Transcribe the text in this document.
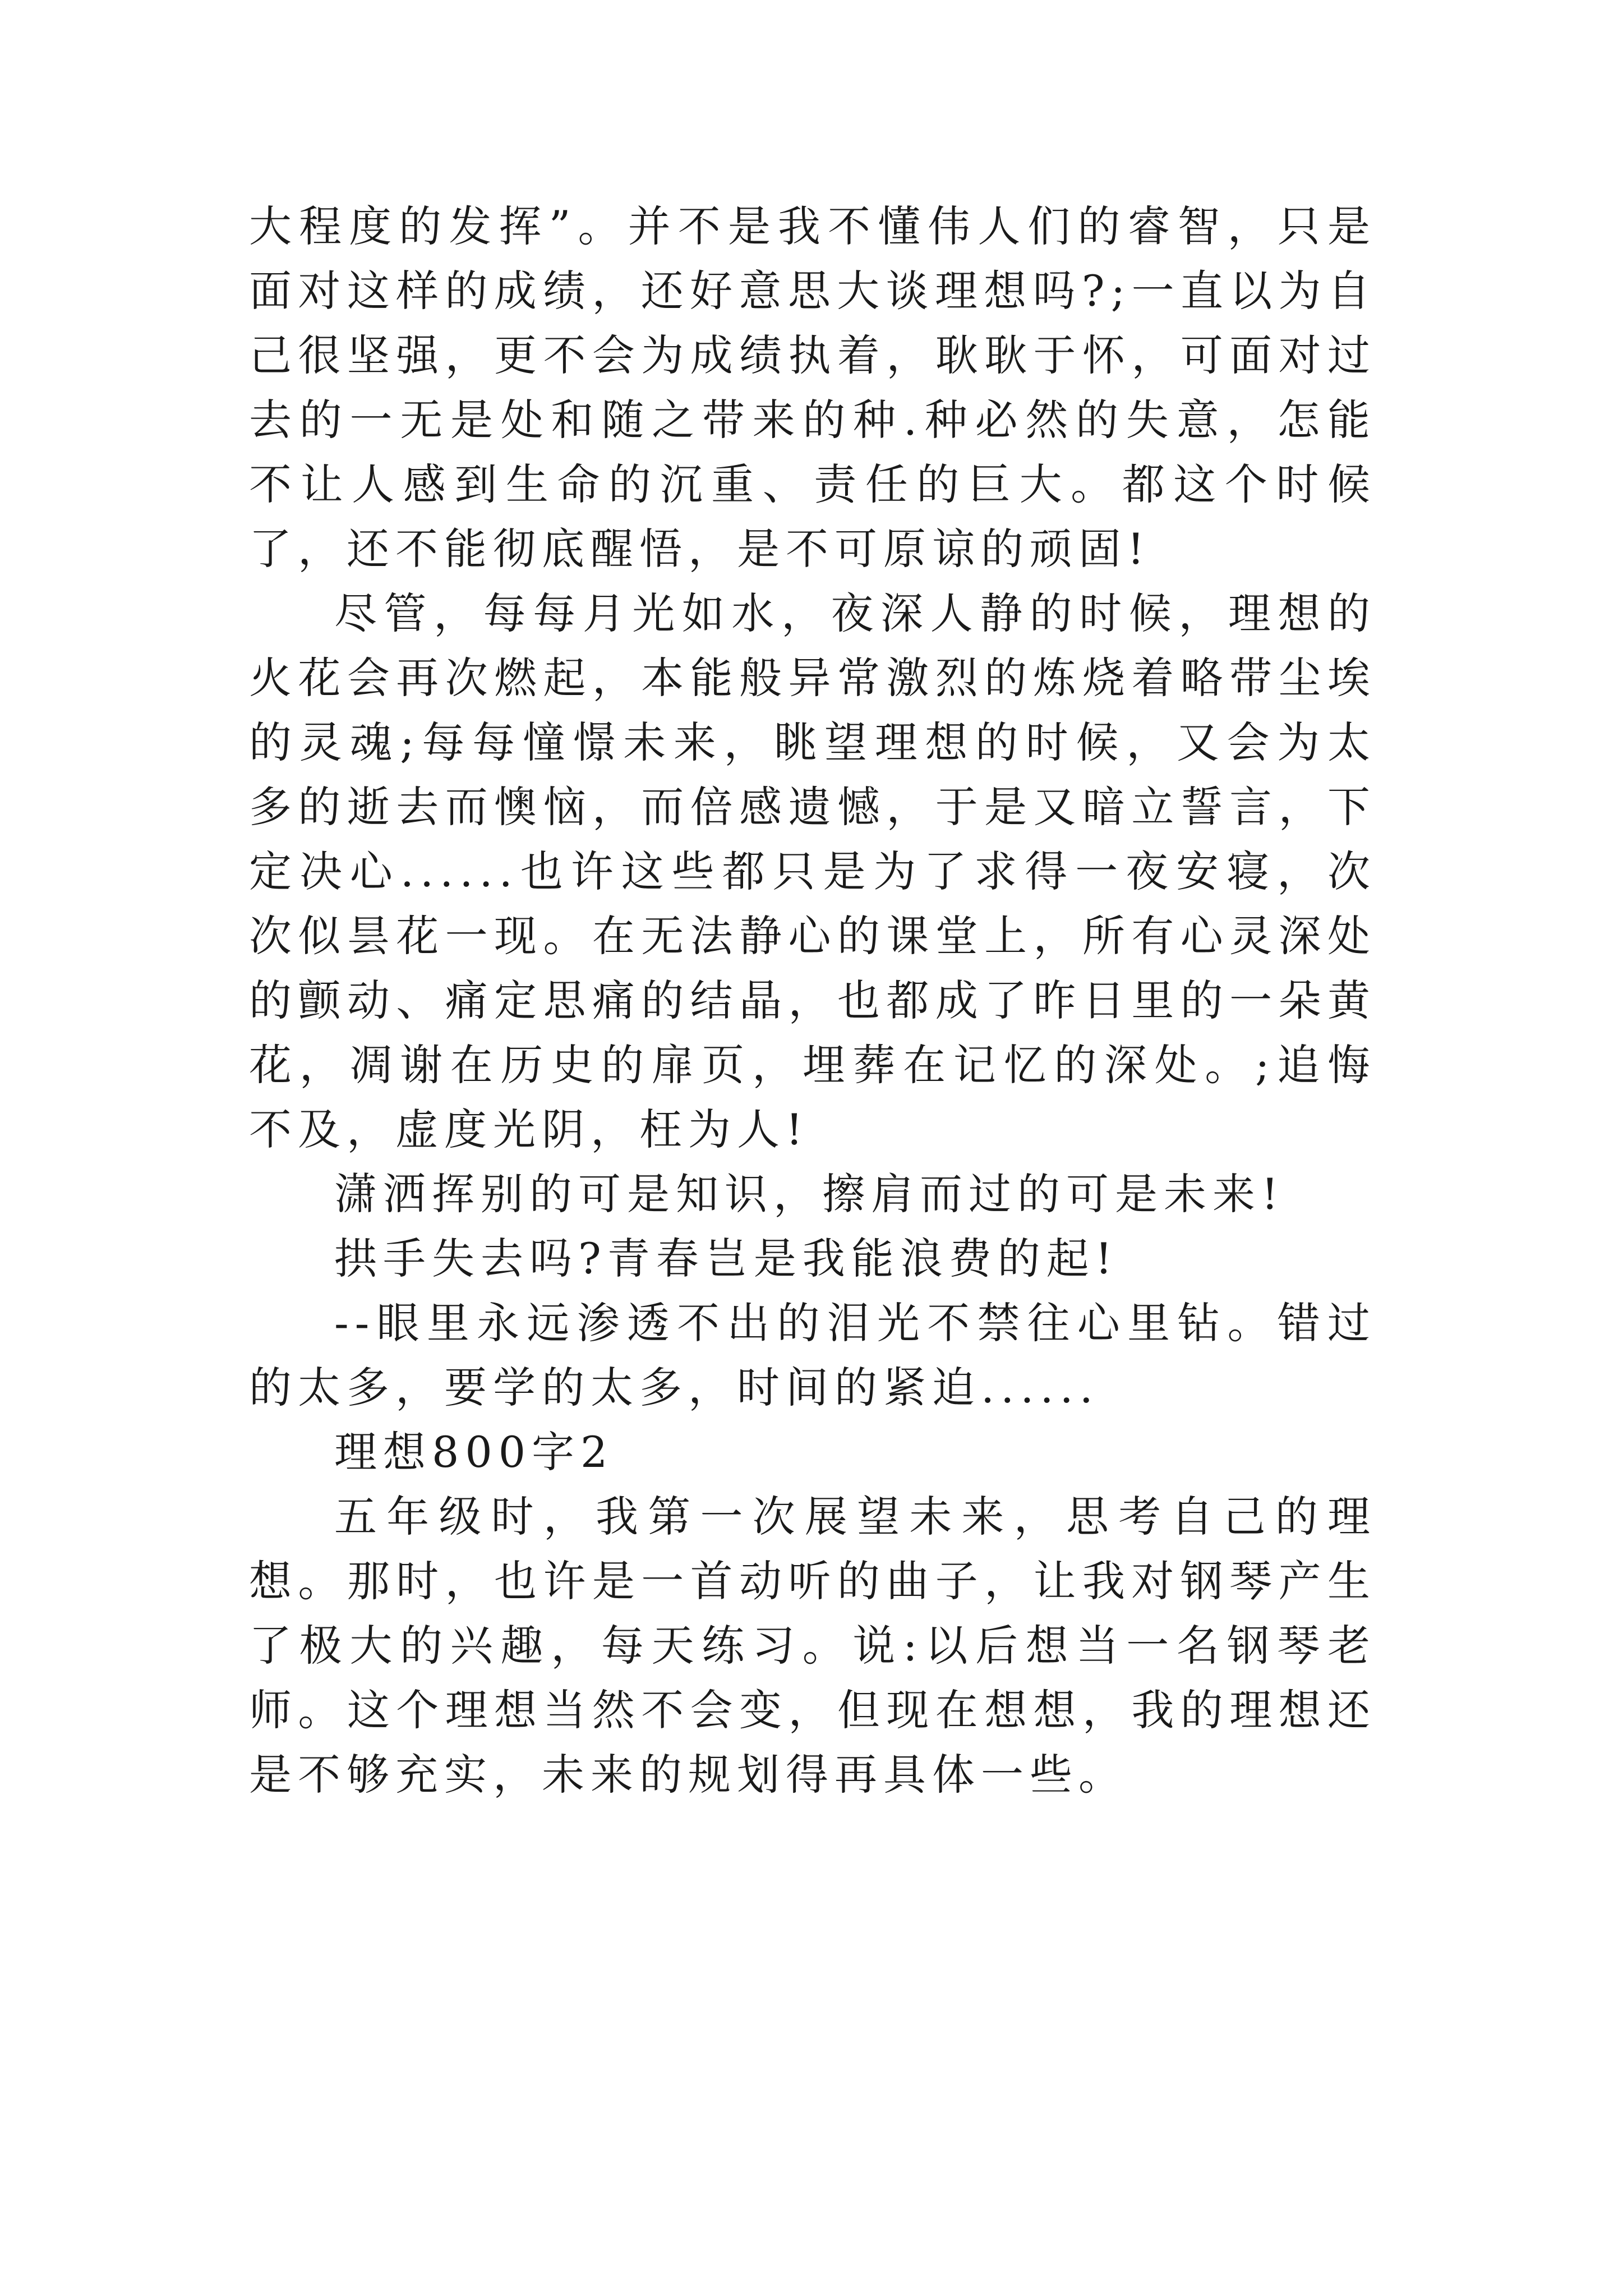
大程度的发挥”。并不是我不懂伟人们的睿智，只是面对这样的成绩，还好意思大谈理想吗?;一直以为自己很坚强，更不会为成绩执着，耿耿于怀，可面对过去的一无是处和随之带来的种.种必然的失意，怎能不让人感到生命的沉重、责任的巨大。都这个时候了，还不能彻底醒悟，是不可原谅的顽固!

尽管，每每月光如水，夜深人静的时候，理想的火花会再次燃起，本能般异常激烈的炼烧着略带尘埃的灵魂;每每憧憬未来，眺望理想的时候，又会为太多的逝去而懊恼，而倍感遗憾，于是又暗立誓言，下定决心......也许这些都只是为了求得一夜安寝，次次似昙花一现。在无法静心的课堂上，所有心灵深处的颤动、痛定思痛的结晶，也都成了昨日里的一朵黄花，凋谢在历史的扉页，埋葬在记忆的深处。;追悔不及，虚度光阴，枉为人!

潇洒挥别的可是知识，擦肩而过的可是未来!

拱手失去吗?青春岂是我能浪费的起!

--眼里永远渗透不出的泪光不禁往心里钻。错过的太多，要学的太多，时间的紧迫......

理想800字2

五年级时，我第一次展望未来，思考自己的理想。那时，也许是一首动听的曲子，让我对钢琴产生了极大的兴趣，每天练习。说:以后想当一名钢琴老师。这个理想当然不会变，但现在想想，我的理想还是不够充实，未来的规划得再具体一些。
